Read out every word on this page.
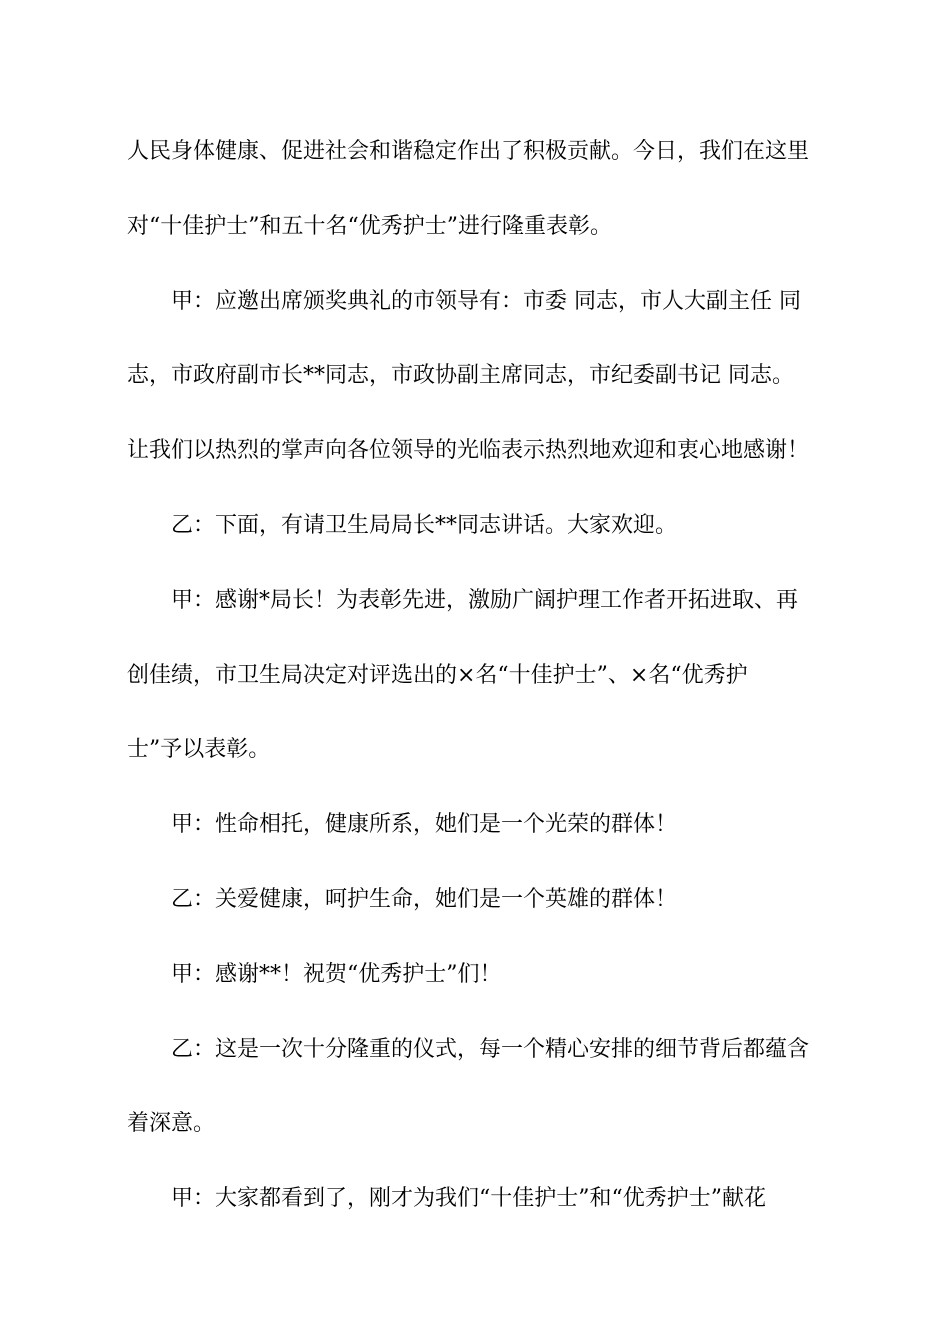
人民身体健康、促进社会和谐稳定作出了积极贡献。今日，我们在这里
对“十佳护士”和五十名“优秀护士”进行隆重表彰。
甲：应邀出席颁奖典礼的市领导有：市委 同志，市人大副主任 同
志，市政府副市长**同志，市政协副主席同志，市纪委副书记 同志。
让我们以热烈的掌声向各位领导的光临表示热烈地欢迎和衷心地感谢！
乙：下面，有请卫生局局长**同志讲话。大家欢迎。
甲：感谢*局长！为表彰先进，激励广阔护理工作者开拓进取、再
创佳绩，市卫生局决定对评选出的×名“十佳护士”、×名“优秀护
士”予以表彰。
甲：性命相托，健康所系，她们是一个光荣的群体！
乙：关爱健康，呵护生命，她们是一个英雄的群体！
甲：感谢**！祝贺“优秀护士”们！
乙：这是一次十分隆重的仪式，每一个精心安排的细节背后都蕴含
着深意。
甲：大家都看到了，刚才为我们“十佳护士”和“优秀护士”献花
